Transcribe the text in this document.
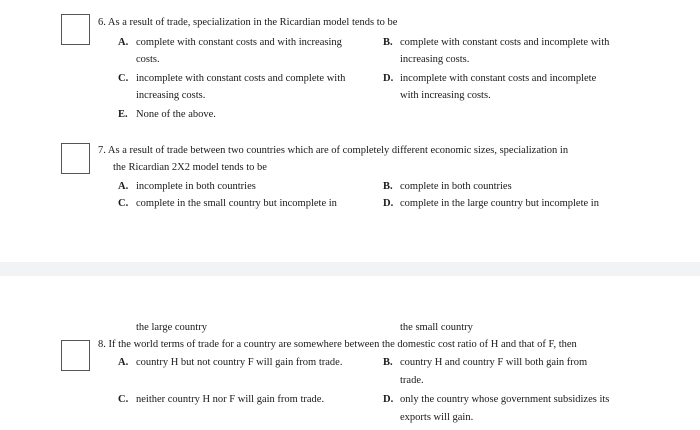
6. As a result of trade, specialization in the Ricardian model tends to be
A. complete with constant costs and with increasing
costs.
B. complete with constant costs and incomplete with
increasing costs.
C. incomplete with constant costs and complete with
increasing costs.
D. incomplete with constant costs and incomplete
with increasing costs.
E. None of the above.
7. As a result of trade between two countries which are of completely different economic sizes, specialization in
the Ricardian 2X2 model tends to be
A. incomplete in both countries	B. complete in both countries
C. complete in the small country but incomplete in	D. complete in the large country but incomplete in
the large country	the small country
8. If the world terms of trade for a country are somewhere between the domestic cost ratio of H and that of F, then
A. country H but not country F will gain from trade.	B. country H and country F will both gain from
trade.
C. neither country H nor F will gain from trade.	D. only the country whose government subsidizes its
exports will gain.
